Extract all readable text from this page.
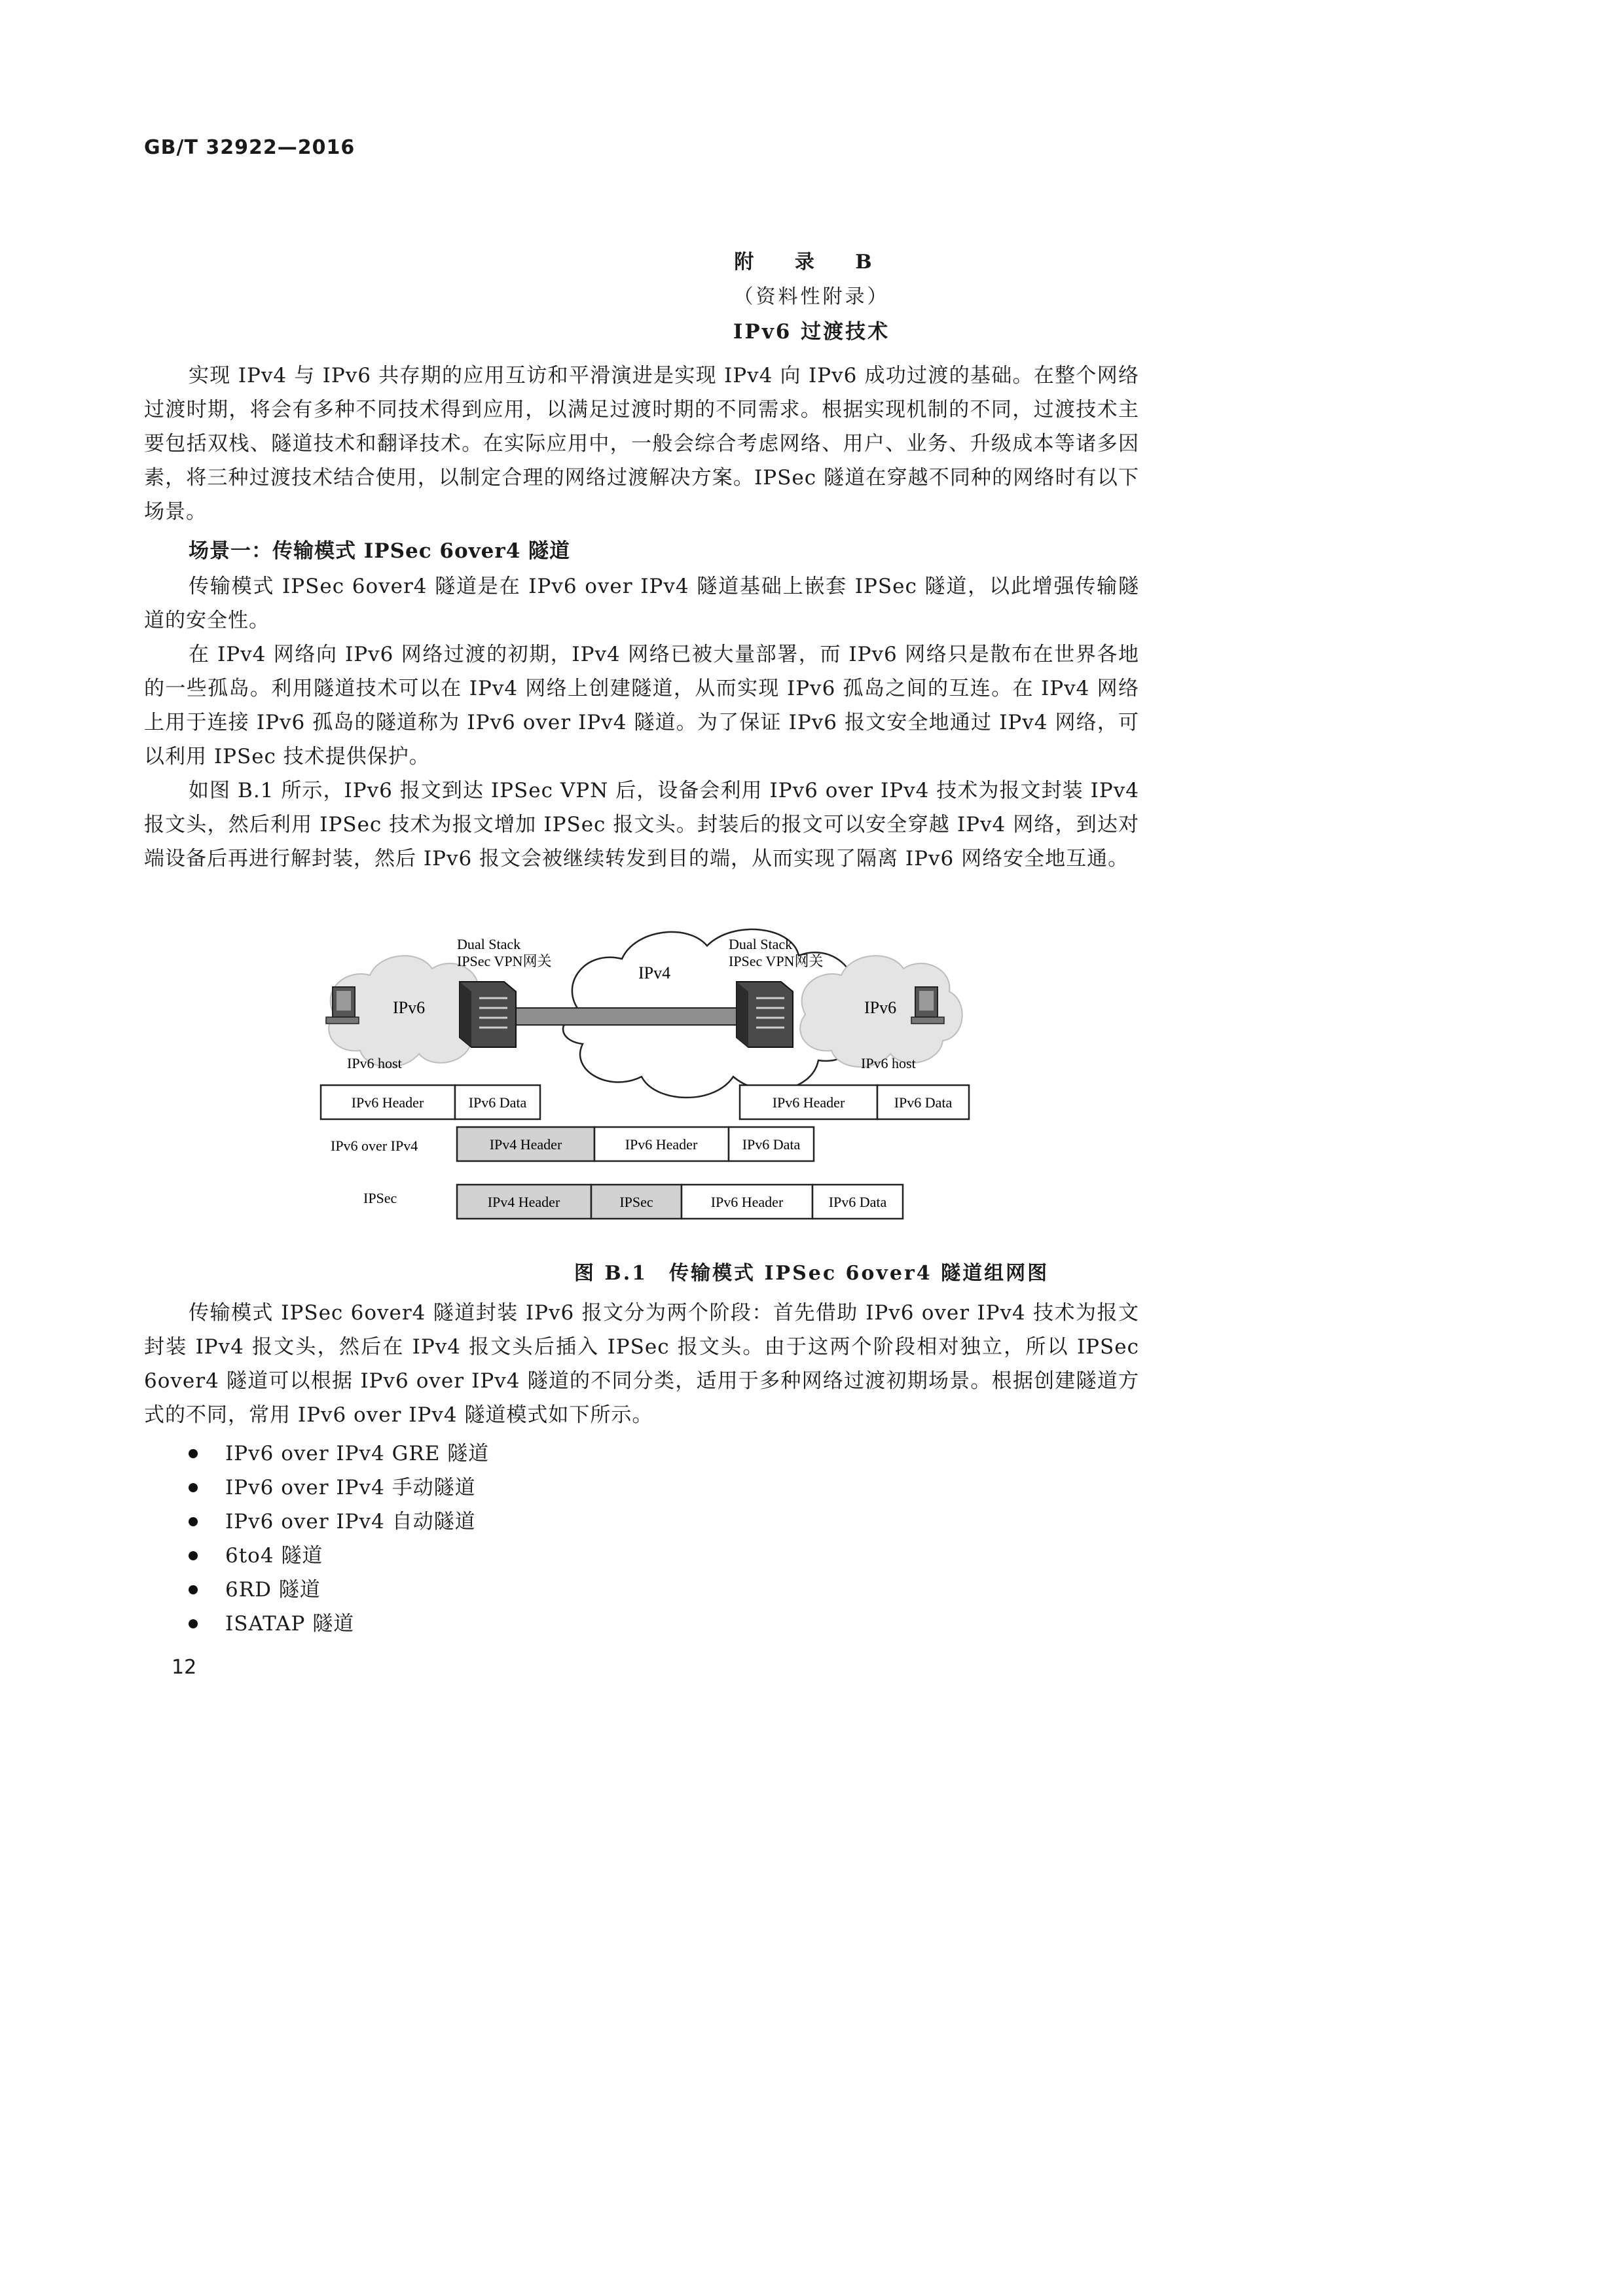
GB/T 32922—2016
附 录 B
（资料性附录）
IPv6 过渡技术

实现 IPv4 与 IPv6 共存期的应用互访和平滑演进是实现 IPv4 向 IPv6 成功过渡的基础。在整个网络过渡时期，将会有多种不同技术得到应用，以满足过渡时期的不同需求。根据实现机制的不同，过渡技术主要包括双栈、隧道技术和翻译技术。在实际应用中，一般会综合考虑网络、用户、业务、升级成本等诸多因素，将三种过渡技术结合使用，以制定合理的网络过渡解决方案。IPSec 隧道在穿越不同种的网络时有以下场景。

场景一：传输模式 IPSec 6over4 隧道

传输模式 IPSec 6over4 隧道是在 IPv6 over IPv4 隧道基础上嵌套 IPSec 隧道，以此增强传输隧道的安全性。

在 IPv4 网络向 IPv6 网络过渡的初期，IPv4 网络已被大量部署，而 IPv6 网络只是散布在世界各地的一些孤岛。利用隧道技术可以在 IPv4 网络上创建隧道，从而实现 IPv6 孤岛之间的互连。在 IPv4 网络上用于连接 IPv6 孤岛的隧道称为 IPv6 over IPv4 隧道。为了保证 IPv6 报文安全地通过 IPv4 网络，可以利用 IPSec 技术提供保护。

如图 B.1 所示，IPv6 报文到达 IPSec VPN 后，设备会利用 IPv6 over IPv4 技术为报文封装 IPv4 报文头，然后利用 IPSec 技术为报文增加 IPSec 报文头。封装后的报文可以安全穿越 IPv4 网络，到达对端设备后再进行解封装，然后 IPv6 报文会被继续转发到目的端，从而实现了隔离 IPv6 网络安全地互通。

IPv4
IPv6	IPv6
Dual Stack
IPSec VPN网关
Dual Stack
IPSec VPN网关
IPv6 host	IPv6 host
IPv6 Header	IPv6 Data	IPv6 Header	IPv6 Data
IPv6 over IPv4	IPv4 Header	IPv6 Header	IPv6 Data
IPSec	IPv4 Header	IPSec	IPv6 Header	IPv6 Data
图 B.1　传输模式 IPSec 6over4 隧道组网图

传输模式 IPSec 6over4 隧道封装 IPv6 报文分为两个阶段：首先借助 IPv6 over IPv4 技术为报文封装 IPv4 报文头，然后在 IPv4 报文头后插入 IPSec 报文头。由于这两个阶段相对独立，所以 IPSec 6over4 隧道可以根据 IPv6 over IPv4 隧道的不同分类，适用于多种网络过渡初期场景。根据创建隧道方式的不同，常用 IPv6 over IPv4 隧道模式如下所示。

IPv6 over IPv4 GRE 隧道
IPv6 over IPv4 手动隧道
IPv6 over IPv4 自动隧道
6to4 隧道
6RD 隧道
ISATAP 隧道
12
